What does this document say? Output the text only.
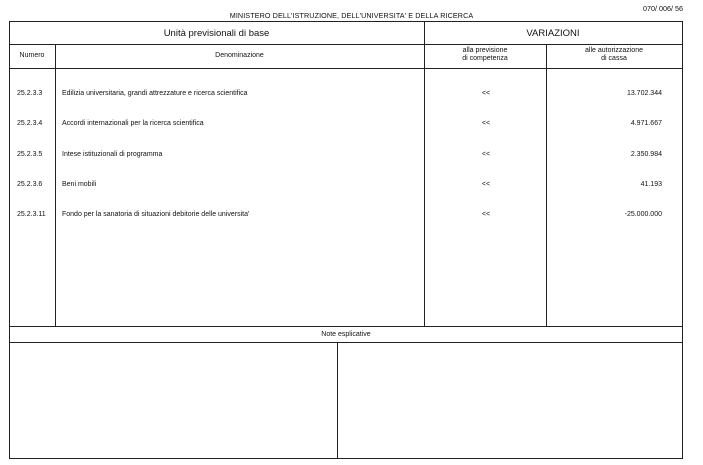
MINISTERO DELL'ISTRUZIONE, DELL'UNIVERSITA' E DELLA RICERCA
070/ 006/ 56
Unità previsionali di base	VARIAZIONI
Numero	Denominazione
alla previsione
di competenza
alle autorizzazione
di cassa
25.2.3.3	Edilizia universitaria, grandi attrezzature e ricerca scientifica	<<	13.702.344
25.2.3.4	Accordi internazionali per la ricerca scientifica	<<	4.971.667
25.2.3.5	Intese istituzionali di programma	<<	2.350.984
25.2.3.6	Beni mobili	<<	41.193
25.2.3.11 Fondo per la sanatoria di situazioni debitorie delle universita'	<<	-25.000.000
Note esplicative
